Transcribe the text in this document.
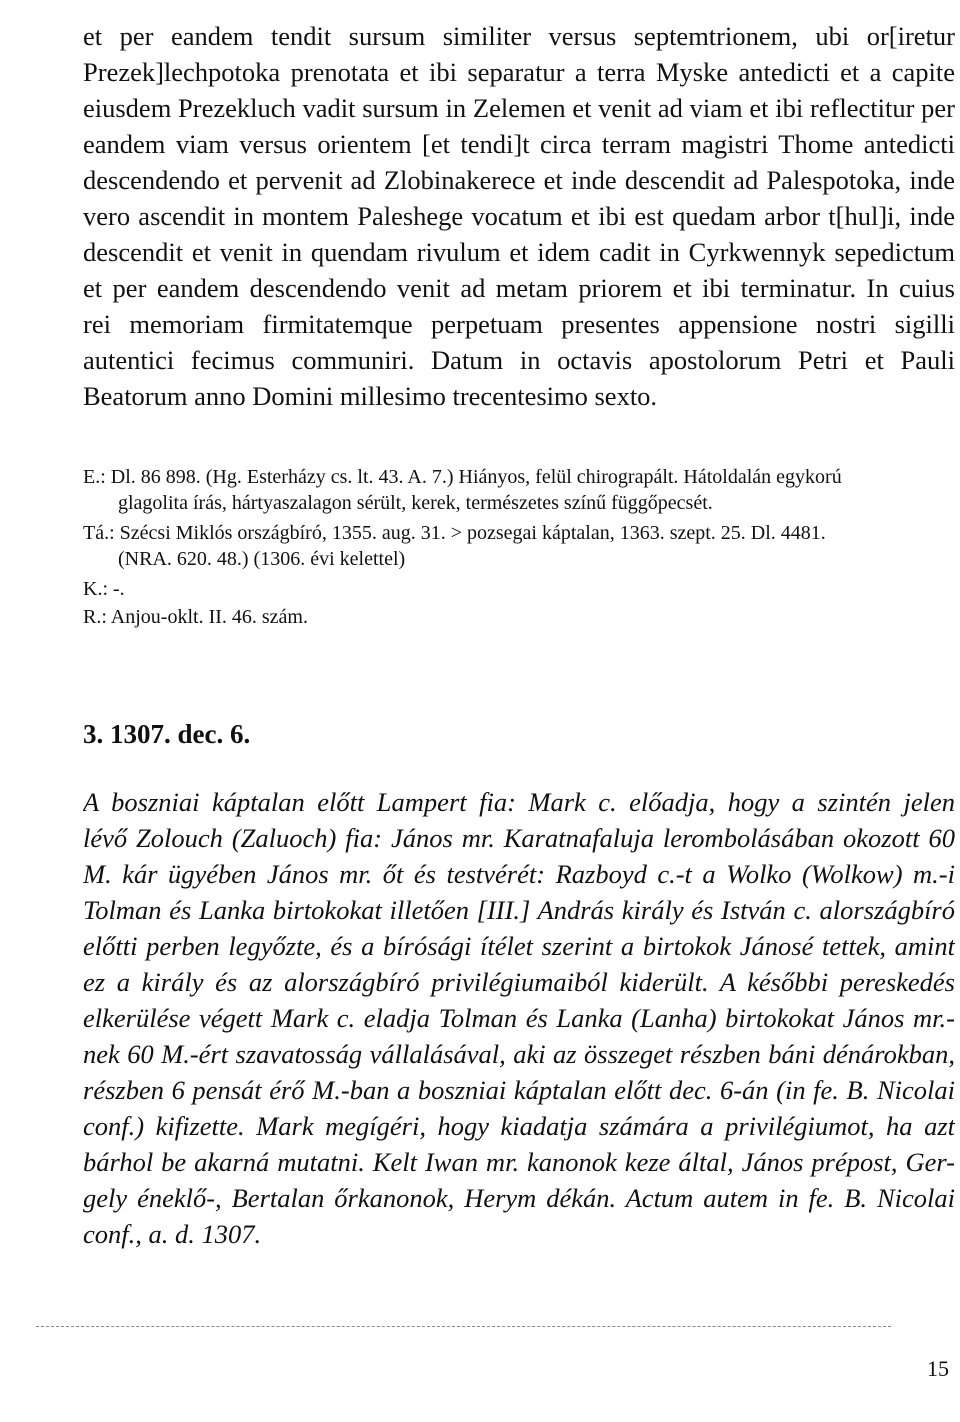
et per eandem tendit sursum similiter versus septemtrionem, ubi or[iretur
Prezek]lechpotoka prenotata et ibi separatur a terra Myske antedicti et a capite
eiusdem Prezekluch vadit sursum in Zelemen et venit ad viam et ibi reflectitur per
eandem viam versus orientem [et tendi]t circa terram magistri Thome antedicti
descendendo et pervenit ad Zlobinakerece et inde descendit ad Palespotoka, inde
vero ascendit in montem Paleshege vocatum et ibi est quedam arbor t[hul]i, inde
descendit et venit in quendam rivulum et idem cadit in Cyrkwennyk sepedictum
et per eandem descendendo venit ad metam priorem et ibi terminatur. In cuius
rei memoriam firmitatemque perpetuam presentes appensione nostri sigilli
autentici fecimus communiri. Datum in octavis apostolorum Petri et Pauli
Beatorum anno Domini millesimo trecentesimo sexto.
E.: Dl. 86 898. (Hg. Esterházy cs. lt. 43. A. 7.) Hiányos, felül chirograpált. Hátoldalán egykorú
glagolita írás, hártyaszalagon sérült, kerek, természetes színű függőpecsét.
Tá.: Szécsi Miklós országbíró, 1355. aug. 31. > pozsegai káptalan, 1363. szept. 25. Dl. 4481.
(NRA. 620. 48.) (1306. évi kelettel)
K.: -.
R.: Anjou-oklt. II. 46. szám.
3. 1307. dec. 6.
A boszniai káptalan előtt Lampert fia: Mark c. előadja, hogy a szintén jelen
lévő Zolouch (Zaluoch) fia: János mr. Karatnafaluja lerombolásában okozott 60
M. kár ügyében János mr. őt és testvérét: Razboyd c.-t a Wolko (Wolkow) m.-i
Tolman és Lanka birtokokat illetően [III.] András király és István c. alországbíró
előtti perben legyőzte, és a bírósági ítélet szerint a birtokok Jánosé tettek, amint
ez a király és az alországbíró privilégiumaiból kiderült. A későbbi pereskedés
elkerülése végett Mark c. eladja Tolman és Lanka (Lanha) birtokokat János mr.-
nek 60 M.-ért szavatosság vállalásával, aki az összeget részben báni dénárokban,
részben 6 pensát érő M.-ban a boszniai káptalan előtt dec. 6-án (in fe. B. Nicolai
conf.) kifizette. Mark megígéri, hogy kiadatja számára a privilégiumot, ha azt
bárhol be akarná mutatni. Kelt Iwan mr. kanonok keze által, János prépost, Ger-
gely éneklő-, Bertalan őrkanonok, Herym dékán. Actum autem in fe. B. Nicolai
conf., a. d. 1307.
15
